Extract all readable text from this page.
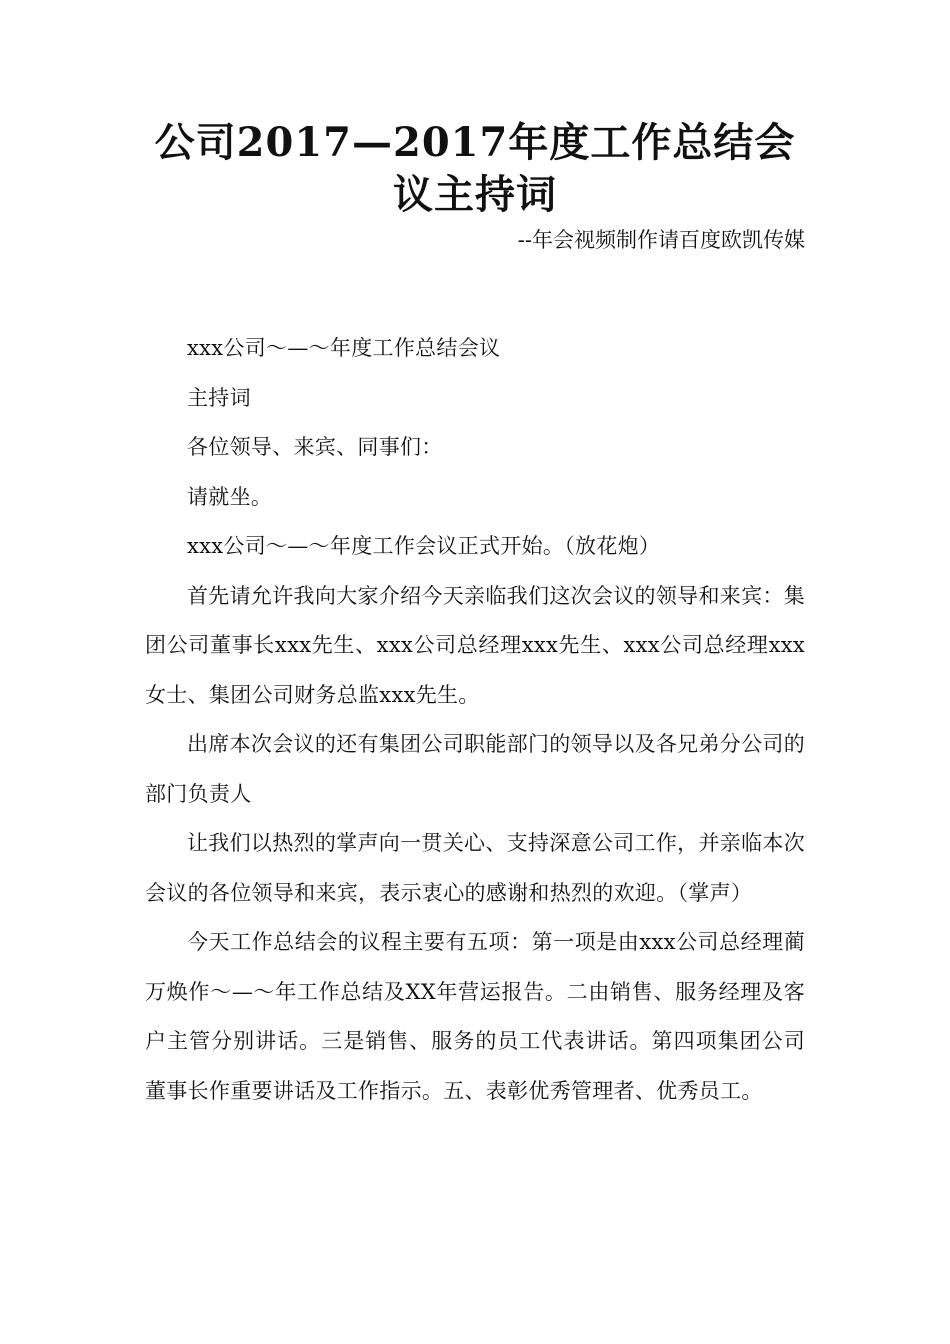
公司2017—2017年度工作总结会议主持词

--年会视频制作请百度欧凯传媒

xxx公司～—～年度工作总结会议

主持词

各位领导、来宾、同事们：

请就坐。

xxx公司～—～年度工作会议正式开始。（放花炮）

首先请允许我向大家介绍今天亲临我们这次会议的领导和来宾：集团公司董事长xxx先生、xxx公司总经理xxx先生、xxx公司总经理xxx女士、集团公司财务总监xxx先生。

出席本次会议的还有集团公司职能部门的领导以及各兄弟分公司的部门负责人

让我们以热烈的掌声向一贯关心、支持深意公司工作，并亲临本次会议的各位领导和来宾，表示衷心的感谢和热烈的欢迎。（掌声）

今天工作总结会的议程主要有五项：第一项是由xxx公司总经理蔺万焕作～—～年工作总结及XX年营运报告。二由销售、服务经理及客户主管分别讲话。三是销售、服务的员工代表讲话。第四项集团公司董事长作重要讲话及工作指示。五、表彰优秀管理者、优秀员工。
